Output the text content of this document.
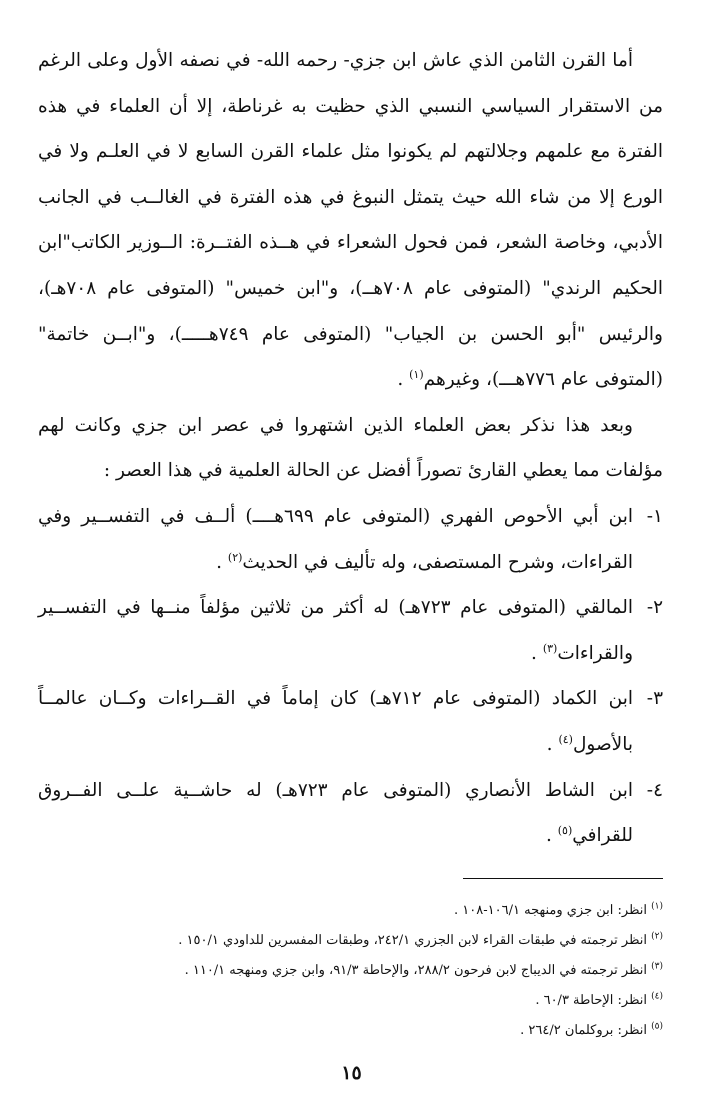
أما القرن الثامن الذي عاش ابن جزي- رحمه الله- في نصفه الأول وعلى الرغم من الاستقرار السياسي النسبي الذي حظيت به غرناطة، إلا أن العلماء في هذه الفترة مع علمهم وجلالتهم لم يكونوا مثل علماء القرن السابع لا في العلـم ولا في الورع إلا من شاء الله حيث يتمثل النبوغ في هذه الفترة في الغالــب في الجانب الأدبي، وخاصة الشعر، فمن فحول الشعراء في هــذه الفتــرة: الــوزير الكاتب"ابن الحكيم الرندي" (المتوفى عام ٧٠٨هــ)، و"ابن خميس" (المتوفى عام ٧٠٨هـ)، والرئيس "أبو الحسن بن الجياب" (المتوفى عام ٧٤٩هـــــ)، و"ابــن خاتمة" (المتوفى عام ٧٧٦هـــ)، وغيرهم$^{(١)}$ .

وبعد هذا نذكر بعض العلماء الذين اشتهروا في عصر ابن جزي وكانت لهم مؤلفات مما يعطي القارئ تصوراً أفضل عن الحالة العلمية في هذا العصر :

١-ابن أبي الأحوص الفهري (المتوفى عام ٦٩٩هــــ) ألــف في التفســير وفي القراءات، وشرح المستصفى، وله تأليف في الحديث$^{(٢)}$ .

٢-المالقي (المتوفى عام ٧٢٣هـ) له أكثر من ثلاثين مؤلفاً منــها في التفســير والقراءات$^{(٣)}$ .

٣-ابن الكماد (المتوفى عام ٧١٢هـ) كان إماماً في القــراءات وكــان عالمــاً بالأصول$^{(٤)}$ .

٤-ابن الشاط الأنصاري (المتوفى عام ٧٢٣هـ) له حاشــية علــى الفــروق للقرافي$^{(٥)}$ .

$^{(١)}$ انظر: ابن جزي ومنهجه ١٠٦/١-١٠٨ .

$^{(٢)}$ انظر ترجمته في طبقات القراء لابن الجزري ٢٤٢/١، وطبقات المفسرين للداودي ١٥٠/١ .

$^{(٣)}$ انظر ترجمته في الديباج لابن فرحون ٢٨٨/٢، والإحاطة ٩١/٣، وابن جزي ومنهجه ١١٠/١ .

$^{(٤)}$ انظر: الإحاطة ٦٠/٣ .

$^{(٥)}$ انظر: بروكلمان ٢٦٤/٢ .

١٥
